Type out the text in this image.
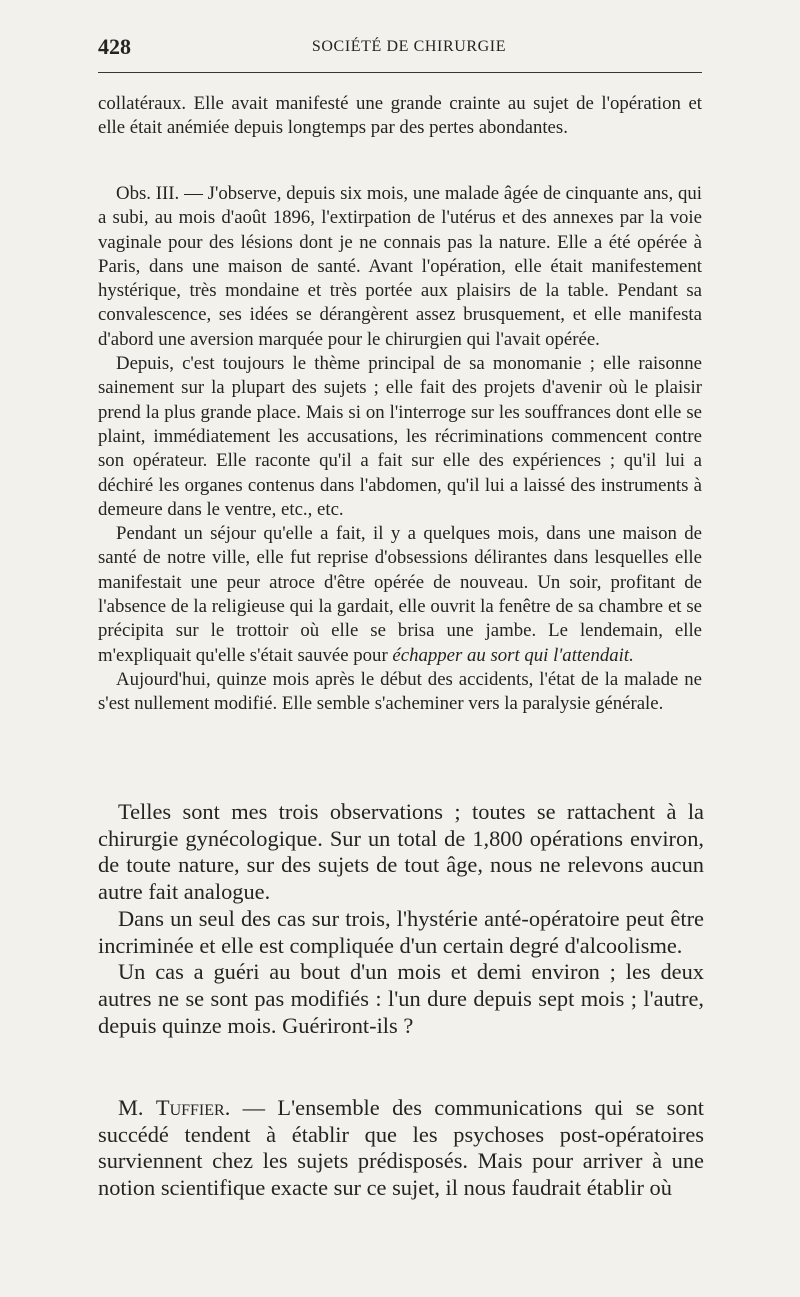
428	SOCIÉTÉ DE CHIRURGIE

collatéraux. Elle avait manifesté une grande crainte au sujet de l'opération et elle était anémiée depuis longtemps par des pertes abondantes.

Obs. III. — J'observe, depuis six mois, une malade âgée de cinquante ans, qui a subi, au mois d'août 1896, l'extirpation de l'utérus et des annexes par la voie vaginale pour des lésions dont je ne connais pas la nature. Elle a été opérée à Paris, dans une maison de santé. Avant l'opération, elle était manifestement hystérique, très mondaine et très portée aux plaisirs de la table. Pendant sa convalescence, ses idées se dérangèrent assez brusquement, et elle manifesta d'abord une aversion marquée pour le chirurgien qui l'avait opérée.

Depuis, c'est toujours le thème principal de sa monomanie ; elle raisonne sainement sur la plupart des sujets ; elle fait des projets d'avenir où le plaisir prend la plus grande place. Mais si on l'interroge sur les souffrances dont elle se plaint, immédiatement les accusations, les récriminations commencent contre son opérateur. Elle raconte qu'il a fait sur elle des expériences ; qu'il lui a déchiré les organes contenus dans l'abdomen, qu'il lui a laissé des instruments à demeure dans le ventre, etc., etc.

Pendant un séjour qu'elle a fait, il y a quelques mois, dans une maison de santé de notre ville, elle fut reprise d'obsessions délirantes dans lesquelles elle manifestait une peur atroce d'être opérée de nouveau. Un soir, profitant de l'absence de la religieuse qui la gardait, elle ouvrit la fenêtre de sa chambre et se précipita sur le trottoir où elle se brisa une jambe. Le lendemain, elle m'expliquait qu'elle s'était sauvée pour échapper au sort qui l'attendait.

Aujourd'hui, quinze mois après le début des accidents, l'état de la malade ne s'est nullement modifié. Elle semble s'acheminer vers la paralysie générale.

Telles sont mes trois observations ; toutes se rattachent à la chirurgie gynécologique. Sur un total de 1,800 opérations environ, de toute nature, sur des sujets de tout âge, nous ne relevons aucun autre fait analogue.

Dans un seul des cas sur trois, l'hystérie anté-opératoire peut être incriminée et elle est compliquée d'un certain degré d'alcoolisme.

Un cas a guéri au bout d'un mois et demi environ ; les deux autres ne se sont pas modifiés : l'un dure depuis sept mois ; l'autre, depuis quinze mois. Guériront-ils ?

M. Tuffier. — L'ensemble des communications qui se sont succédé tendent à établir que les psychoses post-opératoires surviennent chez les sujets prédisposés. Mais pour arriver à une notion scientifique exacte sur ce sujet, il nous faudrait établir où
